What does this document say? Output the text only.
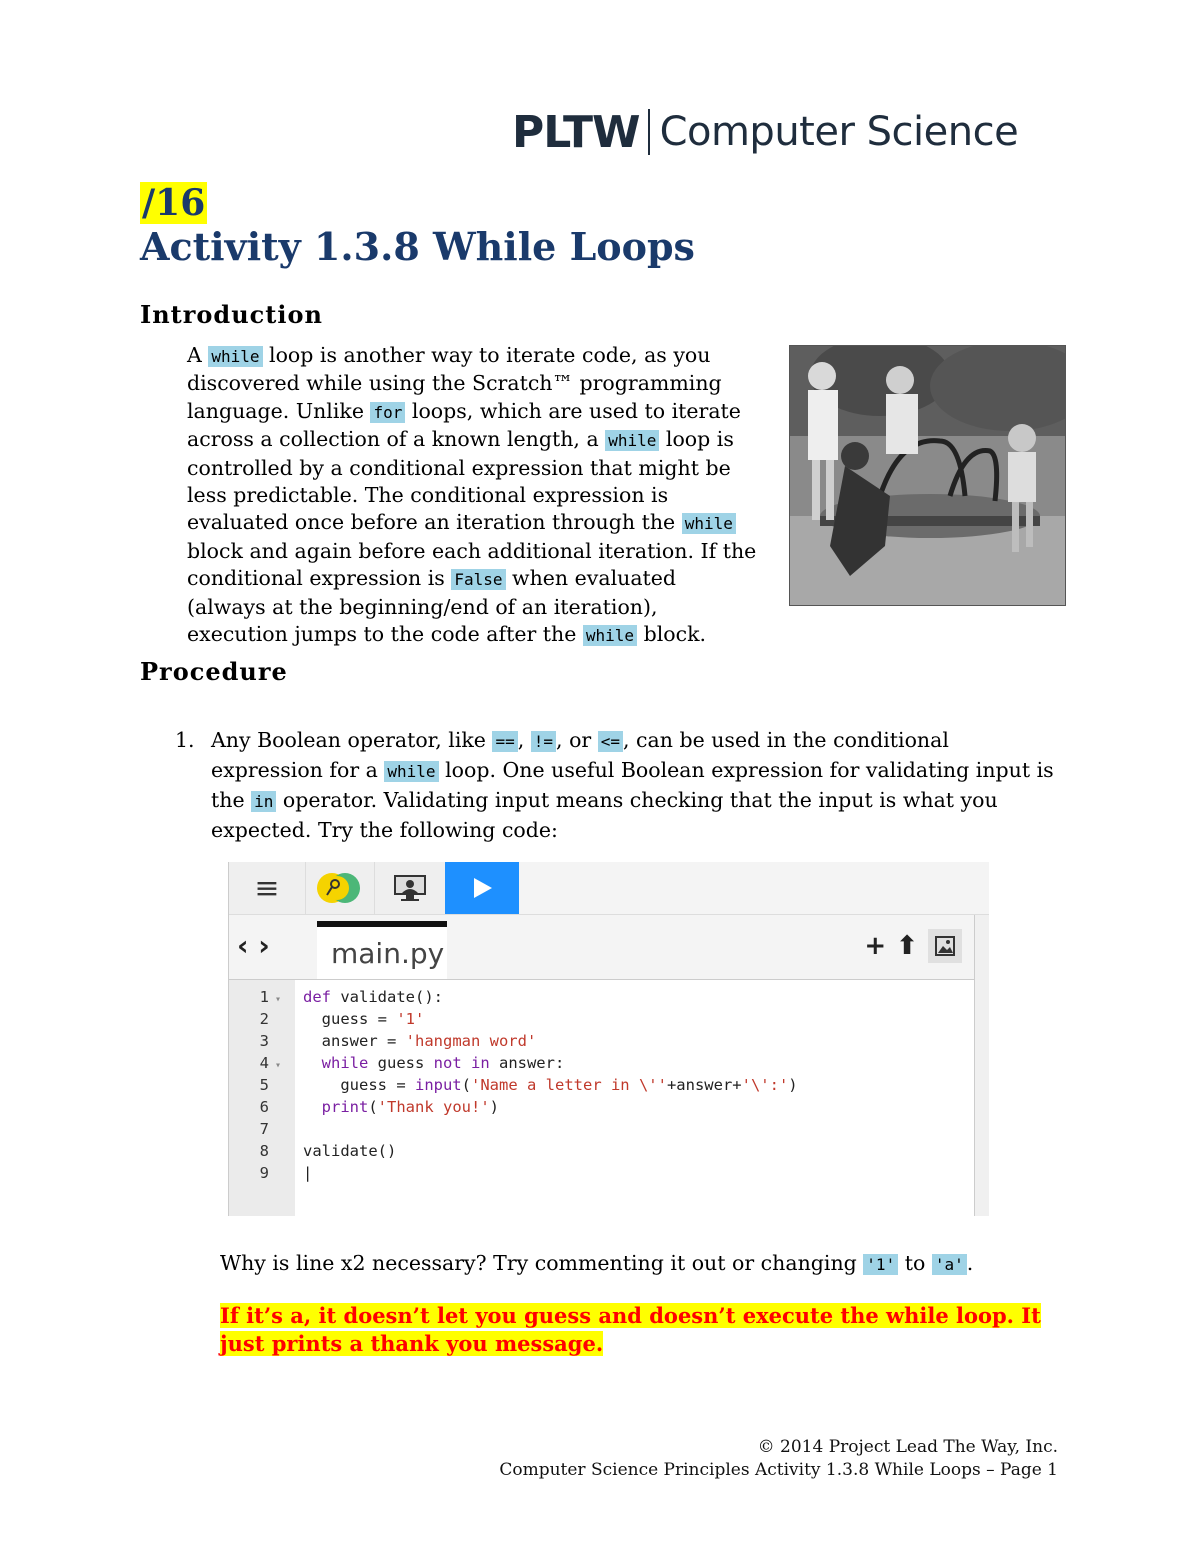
PLTW Computer Science
/16
Activity 1.3.8 While Loops
Introduction
A while loop is another way to iterate code, as you discovered while using the Scratch™ programming language. Unlike for loops, which are used to iterate across a collection of a known length, a while loop is controlled by a conditional expression that might be less predictable. The conditional expression is evaluated once before an iteration through the while block and again before each additional iteration. If the conditional expression is False when evaluated (always at the beginning/end of an iteration), execution jumps to the code after the while block.
Procedure
1. Any Boolean operator, like == , != , or <= , can be used in the conditional expression for a while loop. One useful Boolean expression for validating input is the in operator. Validating input means checking that the input is what you expected. Try the following code:
≡
‹ ›	main.py	+ ⬆
1 ▾ def validate():
2	guess = '1'
3	answer = 'hangman word'
4 ▾ while guess not in answer:
5	guess = input('Name a letter in \''+answer+'\':')
6	print('Thank you!')
7
8	validate()
9	|
Why is line x2 necessary? Try commenting it out or changing '1' to 'a' .
If it’s a, it doesn’t let you guess and doesn’t execute the while loop. It just prints a thank you message.
© 2014 Project Lead The Way, Inc.
Computer Science Principles Activity 1.3.8 While Loops – Page 1
